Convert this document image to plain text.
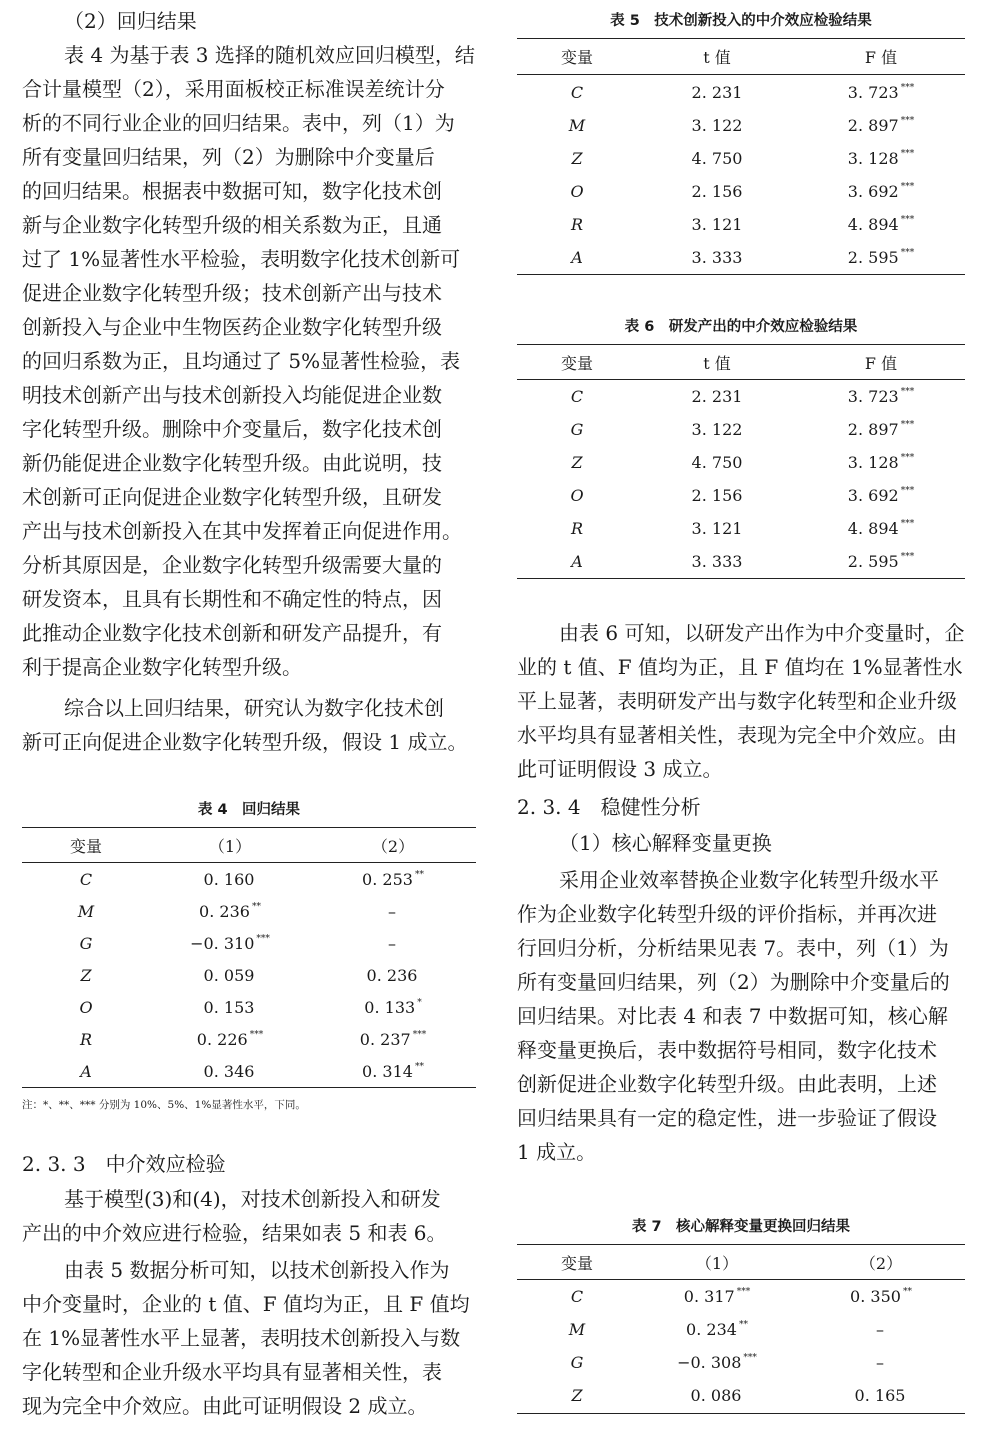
（2）回归结果
表 4 为基于表 3 选择的随机效应回归模型，结
合计量模型（2），采用面板校正标准误差统计分
析的不同行业企业的回归结果。表中，列（1）为
所有变量回归结果，列（2）为删除中介变量后
的回归结果。根据表中数据可知，数字化技术创
新与企业数字化转型升级的相关系数为正，且通
过了 1%显著性水平检验，表明数字化技术创新可
促进企业数字化转型升级；技术创新产出与技术
创新投入与企业中生物医药企业数字化转型升级
的回归系数为正，且均通过了 5%显著性检验，表
明技术创新产出与技术创新投入均能促进企业数
字化转型升级。删除中介变量后，数字化技术创
新仍能促进企业数字化转型升级。由此说明，技
术创新可正向促进企业数字化转型升级，且研发
产出与技术创新投入在其中发挥着正向促进作用。
分析其原因是，企业数字化转型升级需要大量的
研发资本，且具有长期性和不确定性的特点，因
此推动企业数字化技术创新和研发产品提升，有
利于提高企业数字化转型升级。
综合以上回归结果，研究认为数字化技术创
新可正向促进企业数字化转型升级，假设 1 成立。
表 4　回归结果
变量	（1）	（2）
C	0. 160	0. 253 **
M	0. 236 **	–
G	−0. 310 ***	–
Z	0. 059	0. 236
O	0. 153	0. 133 *
R	0. 226 ***	0. 237 ***
A	0. 346	0. 314 **
注：*、**、*** 分别为 10%、5%、1%显著性水平，下同。
2. 3. 3　中介效应检验
基于模型(3)和(4)，对技术创新投入和研发
产出的中介效应进行检验，结果如表 5 和表 6。
由表 5 数据分析可知，以技术创新投入作为
中介变量时，企业的 t 值、F 值均为正，且 F 值均
在 1%显著性水平上显著，表明技术创新投入与数
字化转型和企业升级水平均具有显著相关性，表
现为完全中介效应。由此可证明假设 2 成立。
表 5　技术创新投入的中介效应检验结果
变量	t 值	F 值
C	2. 231	3. 723 ***
M	3. 122	2. 897 ***
Z	4. 750	3. 128 ***
O	2. 156	3. 692 ***
R	3. 121	4. 894 ***
A	3. 333	2. 595 ***
表 6　研发产出的中介效应检验结果
变量	t 值	F 值
C	2. 231	3. 723 ***
G	3. 122	2. 897 ***
Z	4. 750	3. 128 ***
O	2. 156	3. 692 ***
R	3. 121	4. 894 ***
A	3. 333	2. 595 ***
由表 6 可知，以研发产出作为中介变量时，企
业的 t 值、F 值均为正，且 F 值均在 1%显著性水
平上显著，表明研发产出与数字化转型和企业升级
水平均具有显著相关性，表现为完全中介效应。由
此可证明假设 3 成立。
2. 3. 4　稳健性分析
（1）核心解释变量更换
采用企业效率替换企业数字化转型升级水平
作为企业数字化转型升级的评价指标，并再次进
行回归分析，分析结果见表 7。表中，列（1）为
所有变量回归结果，列（2）为删除中介变量后的
回归结果。对比表 4 和表 7 中数据可知，核心解
释变量更换后，表中数据符号相同，数字化技术
创新促进企业数字化转型升级。由此表明，上述
回归结果具有一定的稳定性，进一步验证了假设
1 成立。
表 7　核心解释变量更换回归结果
变量	（1）	（2）
C	0. 317 ***	0. 350 **
M	0. 234 **	–
G	−0. 308 ***	–
Z	0. 086	0. 165
